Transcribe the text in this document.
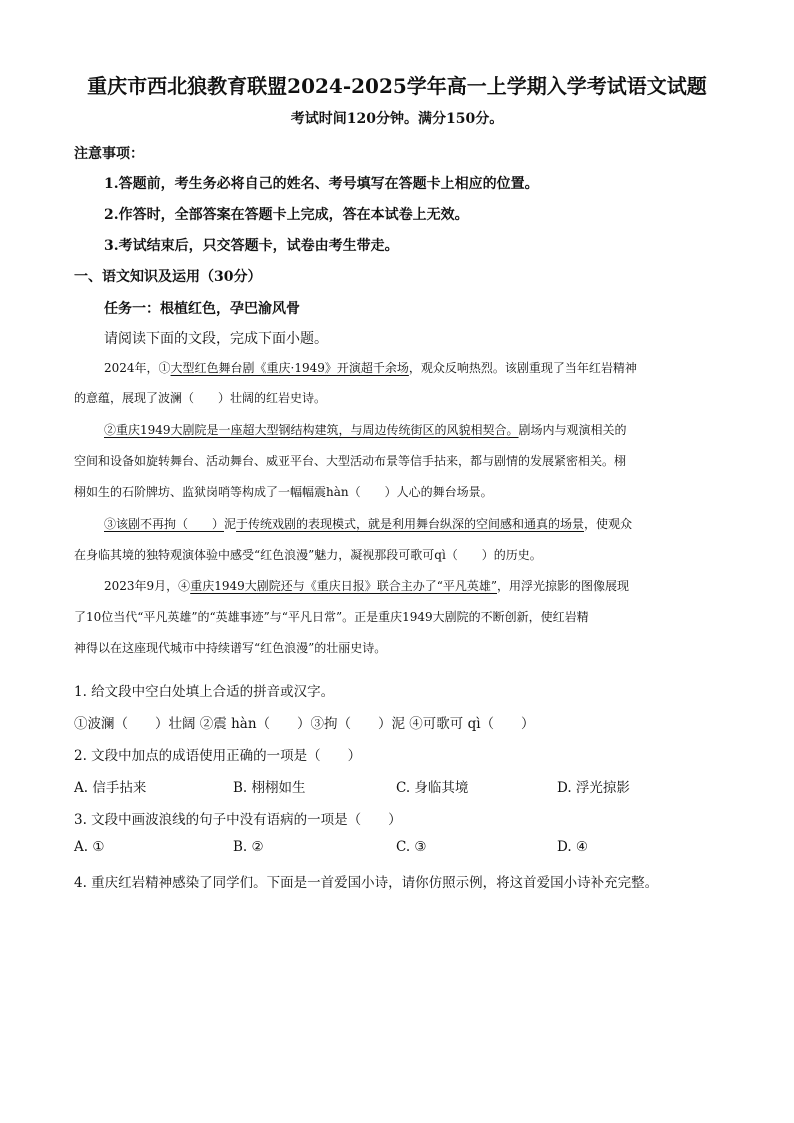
重庆市西北狼教育联盟2024-2025学年高一上学期入学考试语文试题
考试时间120分钟。满分150分。
注意事项：
1.答题前，考生务必将自己的姓名、考号填写在答题卡上相应的位置。
2.作答时，全部答案在答题卡上完成，答在本试卷上无效。
3.考试结束后，只交答题卡，试卷由考生带走。
一、语文知识及运用（30分）
任务一：根植红色，孕巴渝风骨
请阅读下面的文段，完成下面小题。
2024年，①大型红色舞台剧《重庆·1949》开演超千余场，观众反响热烈。该剧重现了当年红岩精神
的意蕴，展现了波澜（　　）壮阔的红岩史诗。
②重庆1949大剧院是一座超大型钢结构建筑，与周边传统街区的风貌相契合。剧场内与观演相关的
空间和设备如旋转舞台、活动舞台、威亚平台、大型活动布景等信手拈来，都与剧情的发展紧密相关。栩
栩如生的石阶牌坊、监狱岗哨等构成了一幅幅震hàn（　　）人心的舞台场景。
③该剧不再拘（　　）泥于传统戏剧的表现模式，就是利用舞台纵深的空间感和通真的场景，使观众
在身临其境的独特观演体验中感受“红色浪漫”魅力，凝视那段可歌可qì（　　）的历史。
2023年9月，④重庆1949大剧院还与《重庆日报》联合主办了“平凡英雄”，用浮光掠影的图像展现
了10位当代“平凡英雄”的“英雄事迹”与“平凡日常”。正是重庆1949大剧院的不断创新，使红岩精
神得以在这座现代城市中持续谱写“红色浪漫”的壮丽史诗。
1. 给文段中空白处填上合适的拼音或汉字。
①波澜（　　）壮阔 ②震 hàn（　　）③拘（　　）泥 ④可歌可 qì（　　）
2. 文段中加点的成语使用正确的一项是（　　）
A. 信手拈来	B. 栩栩如生	C. 身临其境	D. 浮光掠影
3. 文段中画波浪线的句子中没有语病的一项是（　　）
A. ①	B. ②	C. ③	D. ④
4. 重庆红岩精神感染了同学们。下面是一首爱国小诗，请你仿照示例，将这首爱国小诗补充完整。
